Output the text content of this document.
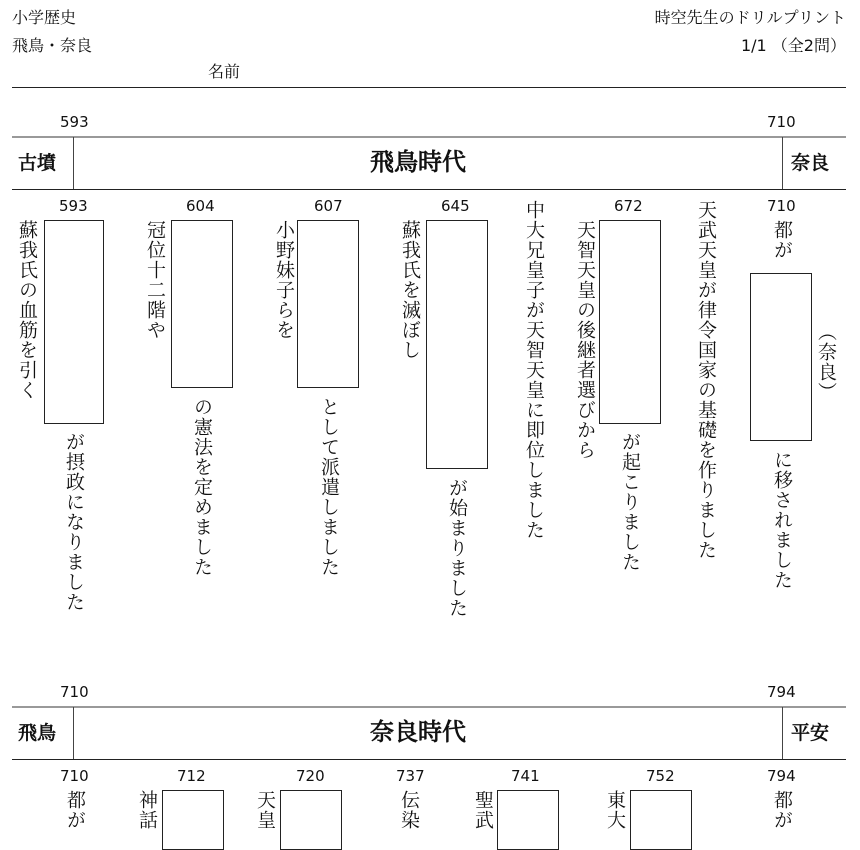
小学歴史
飛鳥・奈良
名前
時空先生のドリルプリント
1/1 （全2問）
593	710
古墳	飛鳥時代	奈良
593
蘇我氏の血筋を引く
が摂政になりました
604
冠位十二階や
の憲法を定めました
607
小野妹子らを
として派遣しました
645
蘇我氏を滅ぼし
が始まりました
中大兄皇子が天智天皇に即位しました	672
天智天皇の後継者選びから
が起こりました	天武天皇が律令国家の基礎を作りました	710
都が
（奈良）
に移されました
710	794
飛鳥	奈良時代	平安
710	712	720	737	741	752	794
都が	神話	天皇	伝染	聖武	東大	都が
